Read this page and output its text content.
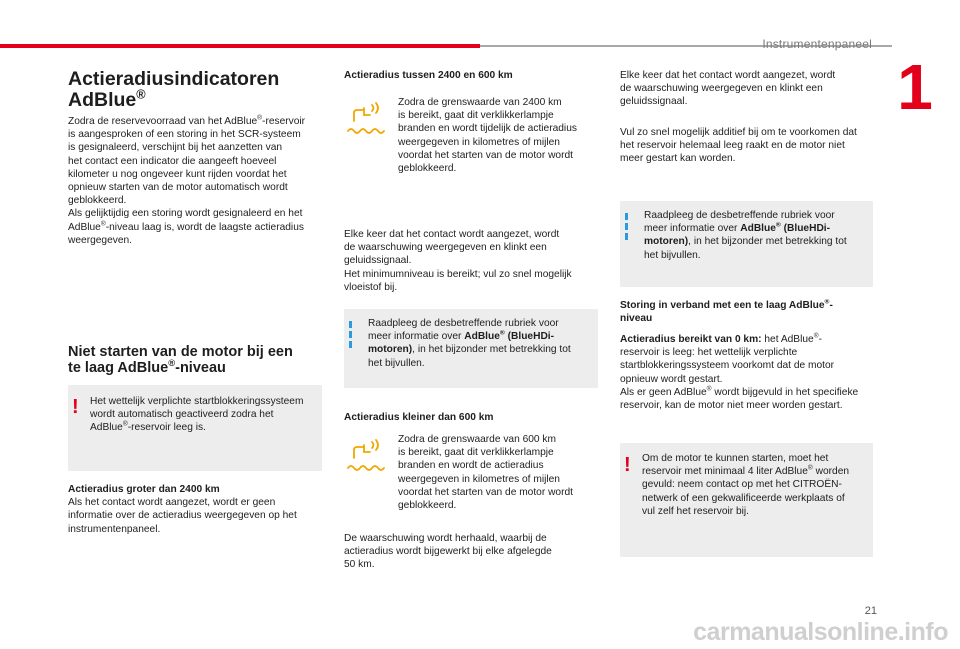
Instrumentenpaneel
1
Actieradiusindicatoren
AdBlue®
Zodra de reservevoorraad van het AdBlue®-reservoir
is aangesproken of een storing in het SCR-systeem
is gesignaleerd, verschijnt bij het aanzetten van
het contact een indicator die aangeeft hoeveel
kilometer u nog ongeveer kunt rijden voordat het
opnieuw starten van de motor automatisch wordt
geblokkeerd.
Als gelijktijdig een storing wordt gesignaleerd en het
AdBlue®-niveau laag is, wordt de laagste actieradius
weergegeven.
Niet starten van de motor bij een
te laag AdBlue®-niveau
! Het wettelijk verplichte startblokkeringssysteem
wordt automatisch geactiveerd zodra het
AdBlue®-reservoir leeg is.
Actieradius groter dan 2400 km
Als het contact wordt aangezet, wordt er geen
informatie over de actieradius weergegeven op het
instrumentenpaneel.
Actieradius tussen 2400 en 600 km
Zodra de grenswaarde van 2400 km
is bereikt, gaat dit verklikkerlampje
branden en wordt tijdelijk de actieradius
weergegeven in kilometres of mijlen
voordat het starten van de motor wordt
geblokkeerd.
Elke keer dat het contact wordt aangezet, wordt
de waarschuwing weergegeven en klinkt een
geluidssignaal.
Het minimumniveau is bereikt; vul zo snel mogelijk
vloeistof bij.
Raadpleeg de desbetreffende rubriek voor
meer informatie over AdBlue® (BlueHDi-
motoren), in het bijzonder met betrekking tot
het bijvullen.
Actieradius kleiner dan 600 km
Zodra de grenswaarde van 600 km
is bereikt, gaat dit verklikkerlampje
branden en wordt de actieradius
weergegeven in kilometres of mijlen
voordat het starten van de motor wordt
geblokkeerd.
De waarschuwing wordt herhaald, waarbij de
actieradius wordt bijgewerkt bij elke afgelegde
50 km.
Elke keer dat het contact wordt aangezet, wordt
de waarschuwing weergegeven en klinkt een
geluidssignaal.
Vul zo snel mogelijk additief bij om te voorkomen dat
het reservoir helemaal leeg raakt en de motor niet
meer gestart kan worden.
Raadpleeg de desbetreffende rubriek voor
meer informatie over AdBlue® (BlueHDi-
motoren), in het bijzonder met betrekking tot
het bijvullen.
Storing in verband met een te laag AdBlue®-
niveau
Actieradius bereikt van 0 km: het AdBlue®-
reservoir is leeg: het wettelijk verplichte
startblokkeringssysteem voorkomt dat de motor
opnieuw wordt gestart.
Als er geen AdBlue® wordt bijgevuld in het specifieke
reservoir, kan de motor niet meer worden gestart.
! Om de motor te kunnen starten, moet het
reservoir met minimaal 4 liter AdBlue® worden
gevuld: neem contact op met het CITROËN-
netwerk of een gekwalificeerde werkplaats of
vul zelf het reservoir bij.
21
carmanualsonline.info
